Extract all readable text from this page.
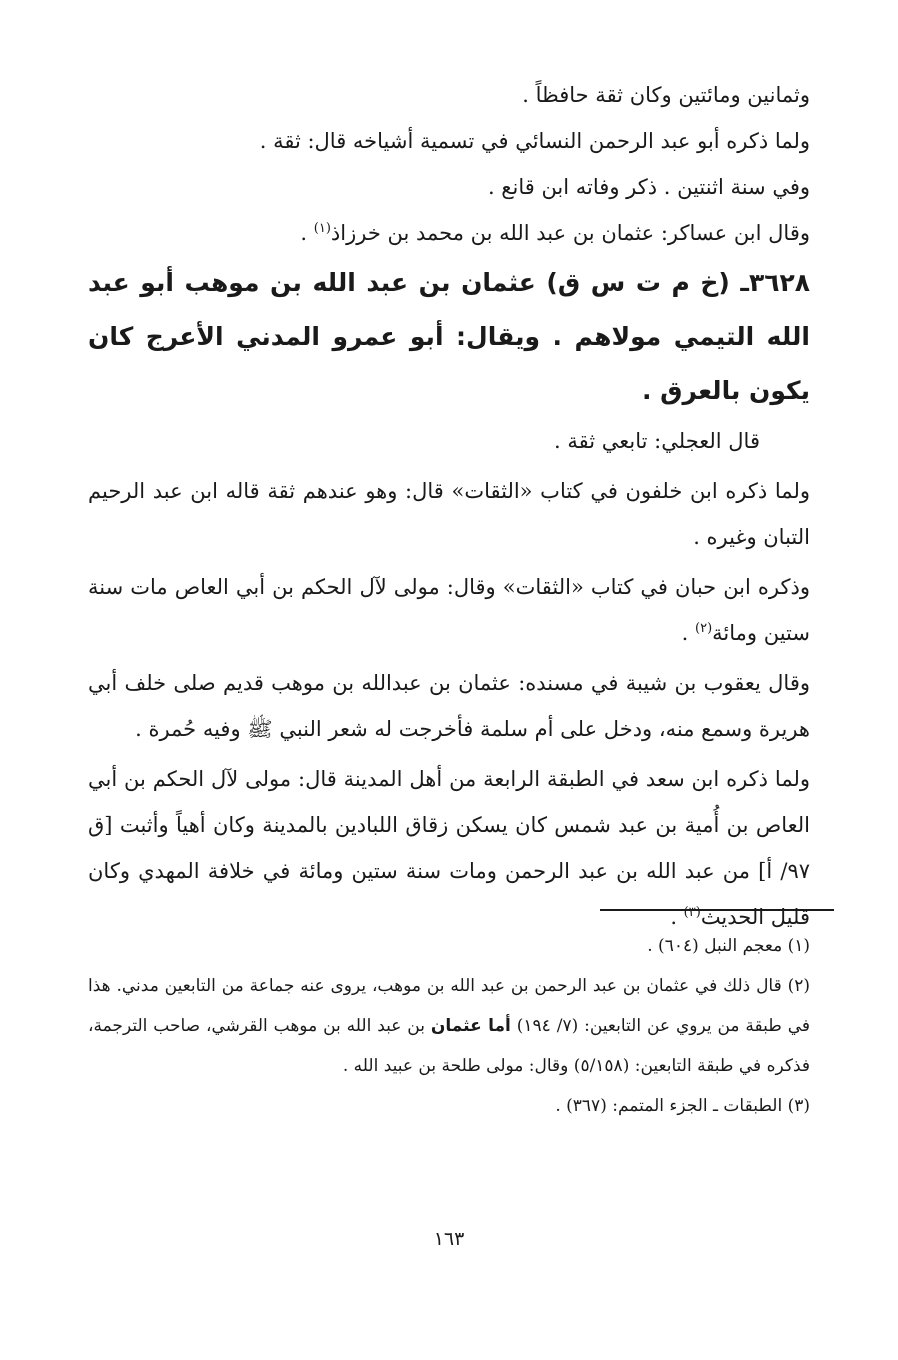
وثمانين ومائتين وكان ثقة حافظاً .

ولما ذكره أبو عبد الرحمن النسائي في تسمية أشياخه قال: ثقة .

وفي سنة اثنتين . ذكر وفاته ابن قانع .

وقال ابن عساكر: عثمان بن عبد الله بن محمد بن خرزاذ$^{(١)}$ .

٣٦٢٨ـ (خ م ت س ق) عثمان بن عبد الله بن موهب أبو عبد الله التيمي مولاهم . ويقال: أبو عمرو المدني الأعرج كان يكون بالعرق .

قال العجلي: تابعي ثقة .

ولما ذكره ابن خلفون في كتاب «الثقات» قال: وهو عندهم ثقة قاله ابن عبد الرحيم التبان وغيره .

وذكره ابن حبان في كتاب «الثقات» وقال: مولى لآل الحكم بن أبي العاص مات سنة ستين ومائة$^{(٢)}$ .

وقال يعقوب بن شيبة في مسنده: عثمان بن عبدالله بن موهب قديم صلى خلف أبي هريرة وسمع منه، ودخل على أم سلمة فأخرجت له شعر النبي ﷺ وفيه حُمرة .

ولما ذكره ابن سعد في الطبقة الرابعة من أهل المدينة قال: مولى لآل الحكم بن أبي العاص بن أُمية بن عبد شمس كان يسكن زقاق اللبادين بالمدينة وكان أهياً وأثبت [ق ٩٧/ أ] من عبد الله بن عبد الرحمن ومات سنة ستين ومائة في خلافة المهدي وكان قليل الحديث$^{(٣)}$ .

(١) معجم النبل (٦٠٤) .

(٢) قال ذلك في عثمان بن عبد الرحمن بن عبد الله بن موهب، يروى عنه جماعة من التابعين مدني. هذا في طبقة من يروي عن التابعين: (٧/ ١٩٤) أما عثمان بن عبد الله بن موهب القرشي، صاحب الترجمة، فذكره في طبقة التابعين: (٥/١٥٨) وقال: مولى طلحة بن عبيد الله .

(٣) الطبقات ـ الجزء المتمم: (٣٦٧) .

١٦٣
